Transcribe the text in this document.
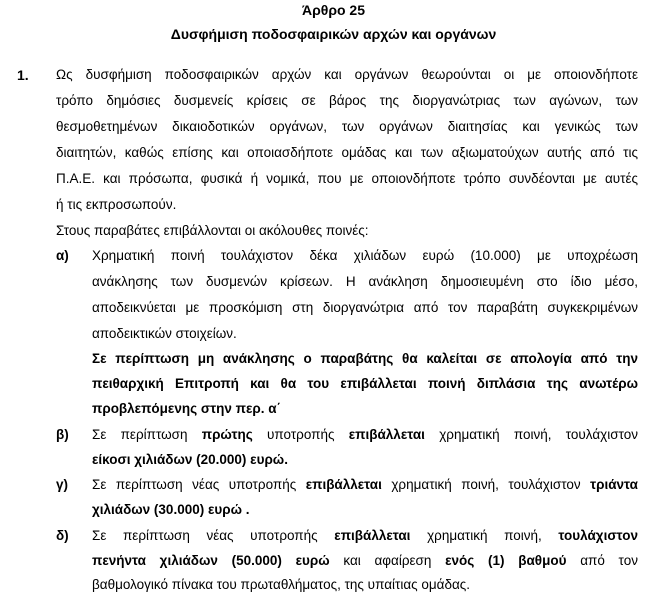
Άρθρο 25
Δυσφήμιση ποδοσφαιρικών αρχών και οργάνων
1. Ως δυσφήμιση ποδοσφαιρικών αρχών και οργάνων θεωρούνται οι με οποιονδήποτε
τρόπο δημόσιες δυσμενείς κρίσεις σε βάρος της διοργανώτριας των αγώνων, των
θεσμοθετημένων δικαιοδοτικών οργάνων, των οργάνων διαιτησίας και γενικώς των
διαιτητών, καθώς επίσης και οποιασδήποτε ομάδας και των αξιωματούχων αυτής από τις
Π.Α.Ε. και πρόσωπα, φυσικά ή νομικά, που με οποιονδήποτε τρόπο συνδέονται με αυτές
ή τις εκπροσωπούν.
Στους παραβάτες επιβάλλονται οι ακόλουθες ποινές:
α) Χρηματική ποινή τουλάχιστον δέκα χιλιάδων ευρώ (10.000) με υποχρέωση
ανάκλησης των δυσμενών κρίσεων. Η ανάκληση δημοσιευμένη στο ίδιο μέσο,
αποδεικνύεται με προσκόμιση στη διοργανώτρια από τον παραβάτη συγκεκριμένων
αποδεικτικών στοιχείων.
Σε περίπτωση μη ανάκλησης ο παραβάτης θα καλείται σε απολογία από την
πειθαρχική Επιτροπή και θα του επιβάλλεται ποινή διπλάσια της ανωτέρω
προβλεπόμενης στην περ. α΄
β) Σε περίπτωση πρώτης υποτροπής επιβάλλεται χρηματική ποινή, τουλάχιστον
είκοσι χιλιάδων (20.000) ευρώ.
γ) Σε περίπτωση νέας υποτροπής επιβάλλεται χρηματική ποινή, τουλάχιστον τριάντα
χιλιάδων (30.000) ευρώ .
δ) Σε περίπτωση νέας υποτροπής επιβάλλεται χρηματική ποινή, τουλάχιστον
πενήντα χιλιάδων (50.000) ευρώ και αφαίρεση ενός (1) βαθμού από τον
βαθμολογικό πίνακα του πρωταθλήματος, της υπαίτιας ομάδας.
